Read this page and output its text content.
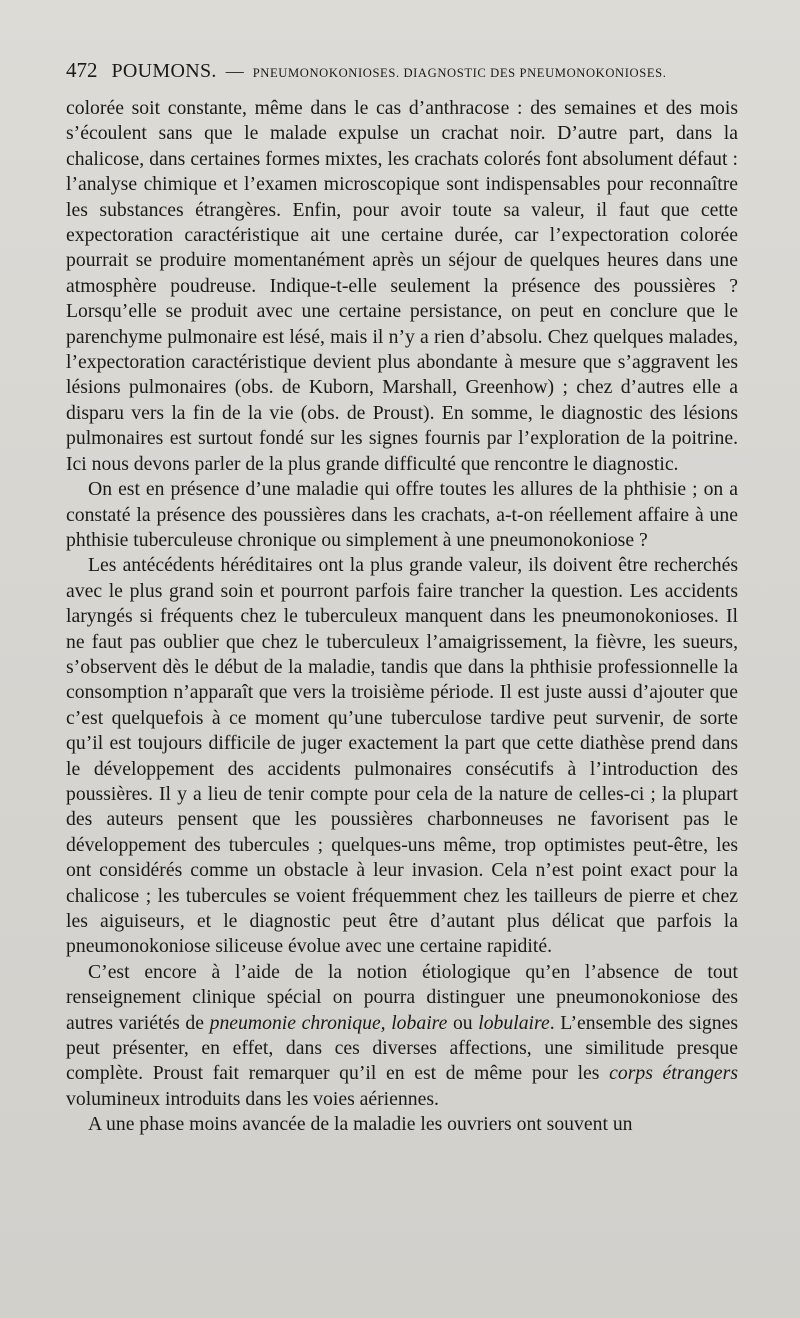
472 POUMONS. — PNEUMONOKONIOSES. DIAGNOSTIC DES PNEUMONOKONIOSES.

colorée soit constante, même dans le cas d’anthracose : des semaines et des mois s’écoulent sans que le malade expulse un crachat noir. D’autre part, dans la chalicose, dans certaines formes mixtes, les crachats colorés font absolument défaut : l’analyse chimique et l’examen microscopique sont indispensables pour reconnaître les substances étrangères. Enfin, pour avoir toute sa valeur, il faut que cette expectoration caractéristique ait une certaine durée, car l’expectoration colorée pourrait se produire momentanément après un séjour de quelques heures dans une atmosphère poudreuse. Indique-t-elle seulement la présence des poussières ? Lorsqu’elle se produit avec une certaine persistance, on peut en conclure que le parenchyme pulmonaire est lésé, mais il n’y a rien d’absolu. Chez quelques malades, l’expectoration caractéristique devient plus abondante à mesure que s’aggravent les lésions pulmonaires (obs. de Kuborn, Marshall, Greenhow) ; chez d’autres elle a disparu vers la fin de la vie (obs. de Proust). En somme, le diagnostic des lésions pulmonaires est surtout fondé sur les signes fournis par l’exploration de la poitrine. Ici nous devons parler de la plus grande difficulté que rencontre le diagnostic.

On est en présence d’une maladie qui offre toutes les allures de la phthisie ; on a constaté la présence des poussières dans les crachats, a-t-on réellement affaire à une phthisie tuberculeuse chronique ou simplement à une pneumonokoniose ?

Les antécédents héréditaires ont la plus grande valeur, ils doivent être recherchés avec le plus grand soin et pourront parfois faire trancher la question. Les accidents laryngés si fréquents chez le tuberculeux manquent dans les pneumonokonioses. Il ne faut pas oublier que chez le tuberculeux l’amaigrissement, la fièvre, les sueurs, s’observent dès le début de la maladie, tandis que dans la phthisie professionnelle la consomption n’apparaît que vers la troisième période. Il est juste aussi d’ajouter que c’est quelquefois à ce moment qu’une tuberculose tardive peut survenir, de sorte qu’il est toujours difficile de juger exactement la part que cette diathèse prend dans le développement des accidents pulmonaires consécutifs à l’introduction des poussières. Il y a lieu de tenir compte pour cela de la nature de celles-ci ; la plupart des auteurs pensent que les poussières charbonneuses ne favorisent pas le développement des tubercules ; quelques-uns même, trop optimistes peut-être, les ont considérés comme un obstacle à leur invasion. Cela n’est point exact pour la chalicose ; les tubercules se voient fréquemment chez les tailleurs de pierre et chez les aiguiseurs, et le diagnostic peut être d’autant plus délicat que parfois la pneumonokoniose siliceuse évolue avec une certaine rapidité.

C’est encore à l’aide de la notion étiologique qu’en l’absence de tout renseignement clinique spécial on pourra distinguer une pneumonokoniose des autres variétés de pneumonie chronique, lobaire ou lobulaire. L’ensemble des signes peut présenter, en effet, dans ces diverses affections, une similitude presque complète. Proust fait remarquer qu’il en est de même pour les corps étrangers volumineux introduits dans les voies aériennes.

A une phase moins avancée de la maladie les ouvriers ont souvent un
